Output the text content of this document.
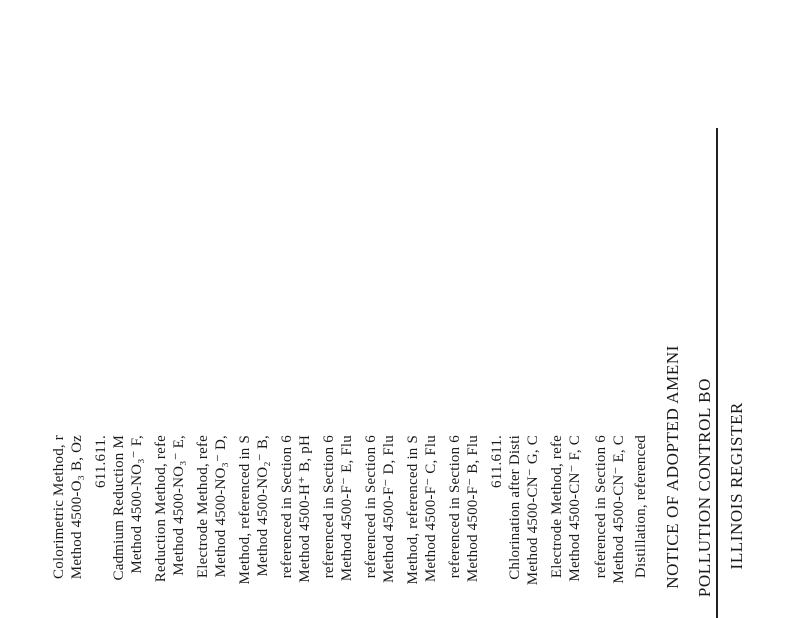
ILLINOIS REGISTER
POLLUTION CONTROL BO
NOTICE OF ADOPTED AMENI
Distillation, referenced
Method 4500-CN⁻ E, C
referenced in Section 6
Method 4500-CN⁻ F, C
Electrode Method, refe
Method 4500-CN⁻ G, C
Chlorination after Disti
611.611.
Method 4500-F⁻ B, Flu
referenced in Section 6
Method 4500-F⁻ C, Flu
Method, referenced in S
Method 4500-F⁻ D, Flu
referenced in Section 6
Method 4500-F⁻ E, Flu
referenced in Section 6
Method 4500-H⁺ B, pH
referenced in Section 6
Method 4500-NO₂⁻ B,
Method, referenced in S
Method 4500-NO₃⁻ D,
Electrode Method, refe
Method 4500-NO₃⁻ E,
Reduction Method, refe
Method 4500-NO₃⁻ F,
Cadmium Reduction M
611.611.
Method 4500-O₃ B, Oz
Colorimetric Method, r
